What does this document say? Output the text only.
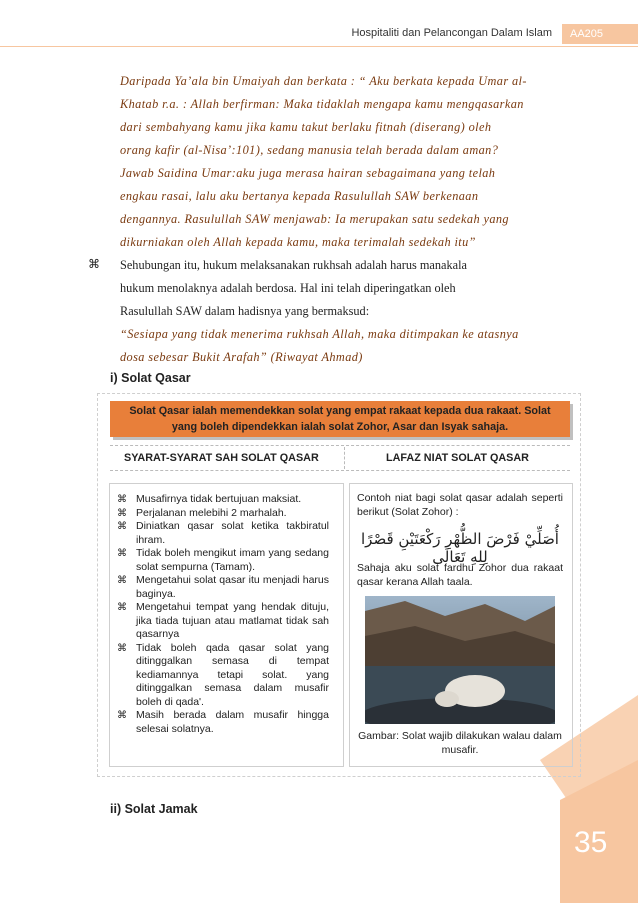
Hospitaliti dan Pelancongan Dalam Islam	AA205
Daripada Ya’ala bin Umaiyah dan berkata : “ Aku berkata kepada Umar al-
Khatab r.a. : Allah berfirman: Maka tidaklah mengapa kamu mengqasarkan
dari sembahyang kamu jika kamu takut berlaku fitnah (diserang) oleh
orang kafir (al-Nisa’:101), sedang manusia telah berada dalam aman?
Jawab Saidina Umar:aku juga merasa hairan sebagaimana yang telah
engkau rasai, lalu aku bertanya kepada Rasulullah SAW berkenaan
dengannya. Rasulullah SAW menjawab: Ia merupakan satu sedekah yang
dikurniakan oleh Allah kepada kamu, maka terimalah sedekah itu”
⌘ Sehubungan itu, hukum melaksanakan rukhsah adalah harus manakala
hukum menolaknya adalah berdosa. Hal ini telah diperingatkan oleh
Rasulullah SAW dalam hadisnya yang bermaksud:
“Sesiapa yang tidak menerima rukhsah Allah, maka ditimpakan ke atasnya
dosa sebesar Bukit Arafah” (Riwayat Ahmad)
i) Solat Qasar
Solat Qasar ialah memendekkan solat yang empat rakaat kepada dua rakaat. Solat
yang boleh dipendekkan ialah solat Zohor, Asar dan Isyak sahaja.
SYARAT-SYARAT SAH SOLAT QASAR	LAFAZ NIAT SOLAT QASAR
⌘ Musafirnya tidak bertujuan maksiat.
⌘ Perjalanan melebihi 2 marhalah.
⌘ Diniatkan qasar solat ketika takbiratul ihram.
⌘ Tidak boleh mengikut imam yang sedang solat sempurna (Tamam).
⌘ Mengetahui solat qasar itu menjadi harus baginya.
⌘ Mengetahui tempat yang hendak dituju, jika tiada tujuan atau matlamat tidak sah qasarnya
⌘ Tidak boleh qada qasar solat yang ditinggalkan semasa di tempat kediamannya tetapi solat. yang ditinggalkan semasa dalam musafir boleh di qada'.
⌘ Masih berada dalam musafir hingga selesai solatnya.
Contoh niat bagi solat qasar adalah seperti berikut (Solat Zohor) :
أُصَلِّيْ فَرْضَ الظُّهْرِ رَكْعَتَيْنِ قَصْرًا لِلهِ تَعَالَى
Sahaja aku solat fardhu Zohor dua rakaat qasar kerana Allah taala.
Gambar: Solat wajib dilakukan walau dalam musafir.
ii) Solat Jamak
35
